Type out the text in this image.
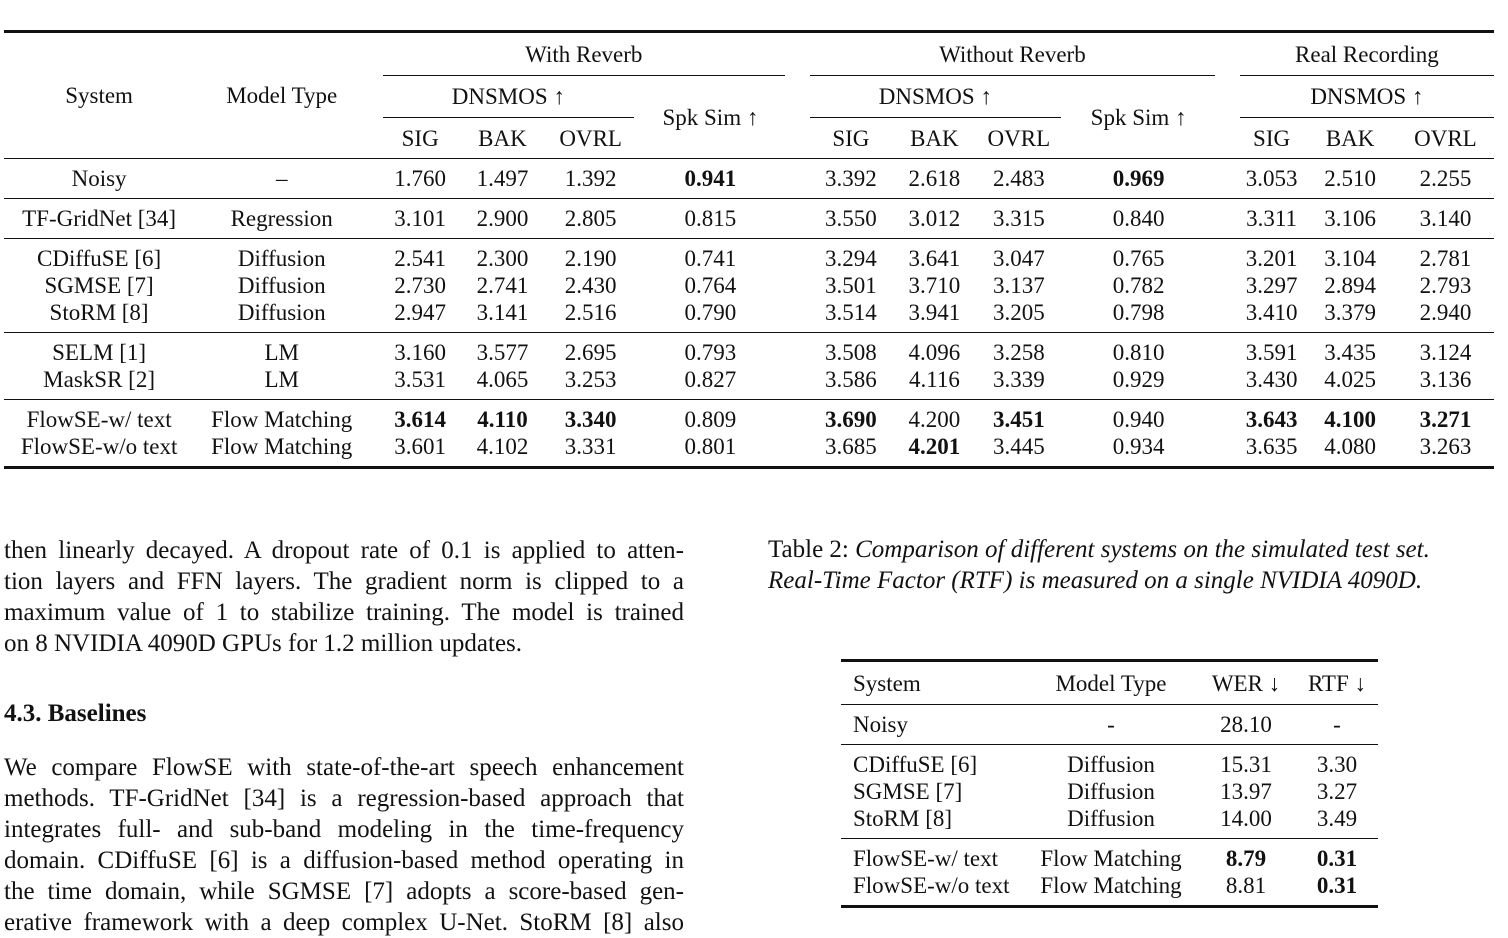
System	Model Type		With Reverb						Without Reverb					Real Recording		
			DNSMOS ↑				Spk Sim ↑		DNSMOS ↑			Spk Sim ↑		DNSMOS ↑		
			SIG	BAK	OVRL				SIG	BAK	OVRL			SIG	BAK	OVRL
Noisy	–		1.760	1.497	1.392		0.941		3.392	2.618	2.483		0.969		3.053	2.510	2.255
TF-GridNet [34]	Regression		3.101	2.900	2.805		0.815		3.550	3.012	3.315		0.840		3.311	3.106	3.140
CDiffuSE [6]	Diffusion		2.541	2.300	2.190		0.741		3.294	3.641	3.047		0.765		3.201	3.104	2.781
SGMSE [7]	Diffusion		2.730	2.741	2.430		0.764		3.501	3.710	3.137		0.782		3.297	2.894	2.793
StoRM [8]	Diffusion		2.947	3.141	2.516		0.790		3.514	3.941	3.205		0.798		3.410	3.379	2.940
SELM [1]	LM		3.160	3.577	2.695		0.793		3.508	4.096	3.258		0.810		3.591	3.435	3.124
MaskSR [2]	LM		3.531	4.065	3.253		0.827		3.586	4.116	3.339		0.929		3.430	4.025	3.136
FlowSE-w/ text	Flow Matching		3.614	4.110	3.340		0.809		3.690	4.200	3.451		0.940		3.643	4.100	3.271
FlowSE-w/o text	Flow Matching		3.601	4.102	3.331		0.801		3.685	4.201	3.445		0.934		3.635	4.080	3.263
then linearly decayed. A dropout rate of 0.1 is applied to atten-
tion layers and FFN layers. The gradient norm is clipped to a
maximum value of 1 to stabilize training. The model is trained
on 8 NVIDIA 4090D GPUs for 1.2 million updates.
4.3. Baselines
We compare FlowSE with state-of-the-art speech enhancement
methods. TF-GridNet [34] is a regression-based approach that
integrates full- and sub-band modeling in the time-frequency
domain. CDiffuSE [6] is a diffusion-based method operating in
the time domain, while SGMSE [7] adopts a score-based gen-
erative framework with a deep complex U-Net. StoRM [8] also
Table 2: Comparison of different systems on the simulated test set. Real-Time Factor (RTF) is measured on a single NVIDIA 4090D.
System	Model Type	WER ↓	RTF ↓
Noisy	-	28.10	-
CDiffuSE [6]	Diffusion	15.31	3.30
SGMSE [7]	Diffusion	13.97	3.27
StoRM [8]	Diffusion	14.00	3.49
FlowSE-w/ text	Flow Matching	8.79	0.31
FlowSE-w/o text	Flow Matching	8.81	0.31
